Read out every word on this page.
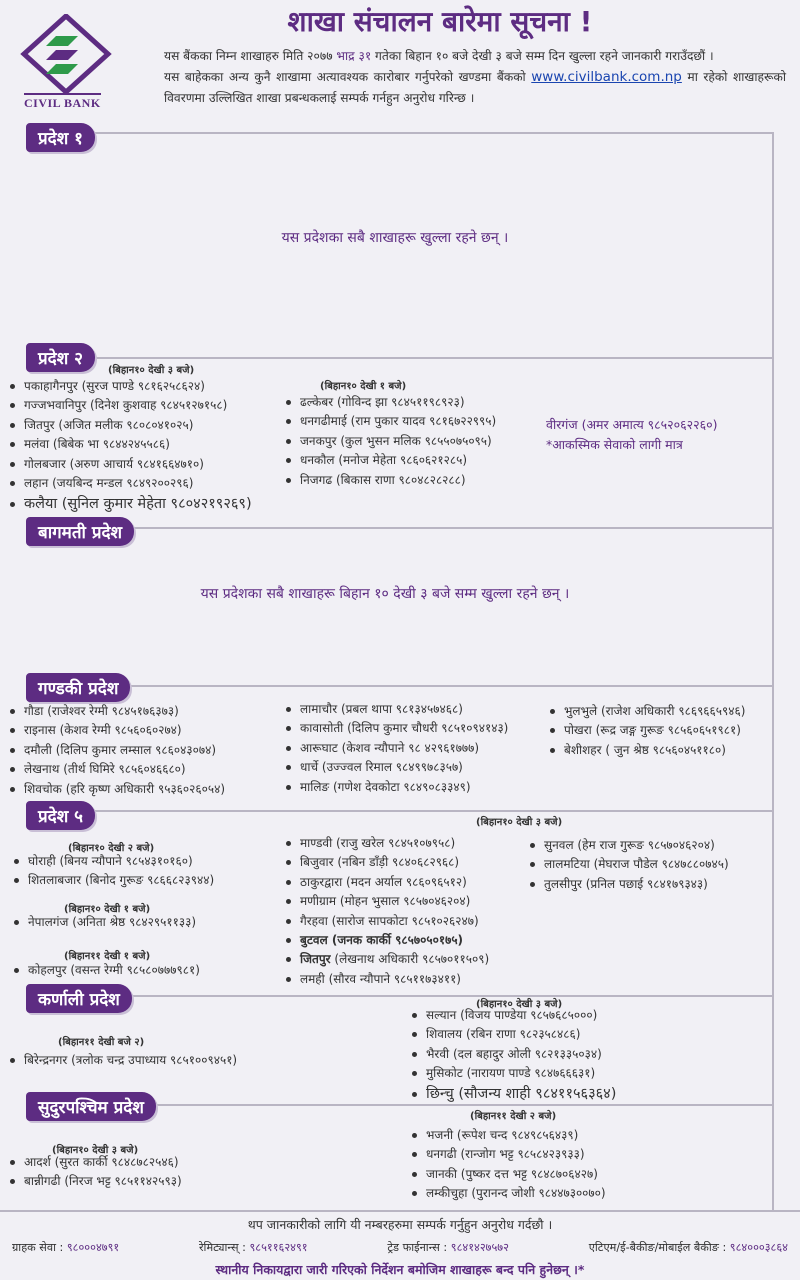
CIVIL BANK
शाखा संचालन बारेमा सूचना !
यस बैंकका निम्न शाखाहरु मिति २०७७ भाद्र ३१ गतेका बिहान १० बजे देखी ३ बजे सम्म दिन खुल्ला रहने जानकारी गराउँदछौं ।
यस बाहेकका अन्य कुनै शाखामा अत्यावश्यक कारोबार गर्नुपरेको खण्डमा बैंकको www.civilbank.com.np मा रहेको शाखाहरूको विवरणमा उल्लिखित शाखा प्रबन्धकलाई सम्पर्क गर्नहुन अनुरोध गरिन्छ ।
प्रदेश १
यस प्रदेशका सबै शाखाहरू खुल्ला रहने छन् ।
प्रदेश २
(बिहान१० देखी ३ बजे)
पकाहागैनपुर (सुरज पाण्डे ९८१६२५८६२४)
गज्जभवानिपुर (दिनेश कुशवाह ९८४५१२७१५८)
जितपुर (अजित मलीक ९८०८०४१०२५)
मलंवा (बिबेक भा ९८४४२४५५८६)
गोलबजार (अरुण आचार्य ९८४१६६४७१०)
लहान (जयबिन्द मन्डल ९८४९२००२९६)
कलैया (सुनिल कुमार मेहेता ९८०४२१९२६९)
(बिहान१० देखी १ बजे)
ढल्केबर (गोविन्द झा ९८४५११९८९२३)
धनगढीमाई (राम पुकार यादव ९८१६७२२९९५)
जनकपुर (कुल भुसन मलिक ९८५५०७५०९५)
धनकौल (मनोज मेहेता ९८६०६२१२८५)
निजगढ (बिकास राणा ९८०४८२८२८८)
वीरगंज (अमर अमात्य ९८५२०६२२६०)
*आकस्मिक सेवाको लागी मात्र
बागमती प्रदेश
यस प्रदेशका सबै शाखाहरू बिहान १० देखी ३ बजे सम्म खुल्ला रहने छन् ।
गण्डकी प्रदेश
गौडा (राजेश्वर रेग्मी ९८४५१७६३७३)
राइनास (केशव रेग्मी ९८५६०६०२७४)
दमौली (दिलिप कुमार लम्साल ९८६०४३०७४)
लेखनाथ (तीर्थ घिमिरे ९८५६०४६६८०)
शिवचोक (हरि कृष्ण अधिकारी ९५३६०२६०५४)
लामाचौर (प्रबल थापा ९८१३४५७४६८)
कावासोती (दिलिप कुमार चौधरी ९८५१०९४१४३)
आरूघाट (केशव न्यौपाने ९८ ४२९६१७७७)
धार्चे (उज्ज्वल रिमाल ९८४९९७८३५७)
मालिङ (गणेश देवकोटा ९८४९०८३३४९)
भुलभुले (राजेश अधिकारी ९८६९६६५९४६)
पोखरा (रूद्र जङ्ग गुरूङ ९८५६०६५१९८१)
बेशीशहर ( जुन श्रेष्ठ ९८५६०४५११८०)
प्रदेश ५	(बिहान१० देखी ३ बजे)
(बिहान१० देखी २ बजे)
घोराही (बिनय न्यौपाने ९८५४३१०१६०)
शितलाबजार (बिनोद गुरूङ ९८६६८२३९४४)
(बिहान१० देखी १ बजे)
नेपालगंज (अनिता श्रेष्ठ ९८४२९५११३३)
(बिहान११ देखी १ बजे)
कोहलपुर (वसन्त रेग्मी ९८५८०७७७९८१)
माण्डवी (राजु खरेल ९८४५१०७९५८)
बिजुवार (नबिन डाँड़ी ९८४०६८२९६८)
ठाकुरद्वारा (मदन अर्याल ९८६०९६५१२)
मणीग्राम (मोहन भुसाल ९८५७०४६२०४)
गैरहवा (सारोज सापकोटा ९८५१०२६२४७)
बुटवल (जनक कार्की ९८५७०५०१७५)
जितपुर (लेखनाथ अधिकारी ९८५७०११५०९)
लमही (सौरव न्यौपाने ९८५११७३४११)
सुनवल (हेम राज गुरूङ ९८५७०४६२०४)
लालमटिया (मेघराज पौडेल ९८४७८८०७४५)
तुलसीपुर (प्रनिल पछाई ९८४१७९३४३)
कर्णाली प्रदेश
(बिहान११ देखी बजे २)
बिरेन्द्रनगर (त्रलोक चन्द्र उपाध्याय ९८५१००९४५१)
(बिहान१० देखी ३ बजे)
सल्यान (विजय पाण्डेया ९८५७६८५०००)
शिवालय (रबिन राणा ९८२३५८४८६)
भैरवी (दल बहादुर ओली ९८२१३३५०३४)
मुसिकोट (नारायण पाण्डे ९८४७६६६३१)
छिन्चु (सौजन्य शाही ९८४११५६३६४)
सुदुरपश्चिम प्रदेश	(बिहान११ देखी २ बजे)
भजनी (रूपेश चन्द ९८४९८५६४३९)
धनगढी (रान्जोग भट्ट ९८५८४२३९३३)
जानकी (पुष्कर दत्त भट्ट ९८४८७०६४२७)
लम्कीचुहा (पुरानन्द जोशी ९८४४७३००७०)
(बिहान१० देखी ३ बजे)
आदर्श (सुरत कार्की ९८४८७८२५४६)
बान्नीगढी (निरज भट्ट ९८५११४२५९३)
थप जानकारीको लागि यी नम्बरहरुमा सम्पर्क गर्नुहुन अनुरोध गर्दछौ ।
ग्राहक सेवा : ९८०००४७९१	रेमिट्यान्स् : ९८५११६२४९१	ट्रेड फाईनान्स : ९८४१४२७५७२	एटिएम/ई-बैकीङ/मोबाईल बैकीङ : ९८४०००३८६४
स्थानीय निकायद्वारा जारी गरिएको निर्देशन बमोजिम शाखाहरू बन्द पनि हुनेछन् ।*
